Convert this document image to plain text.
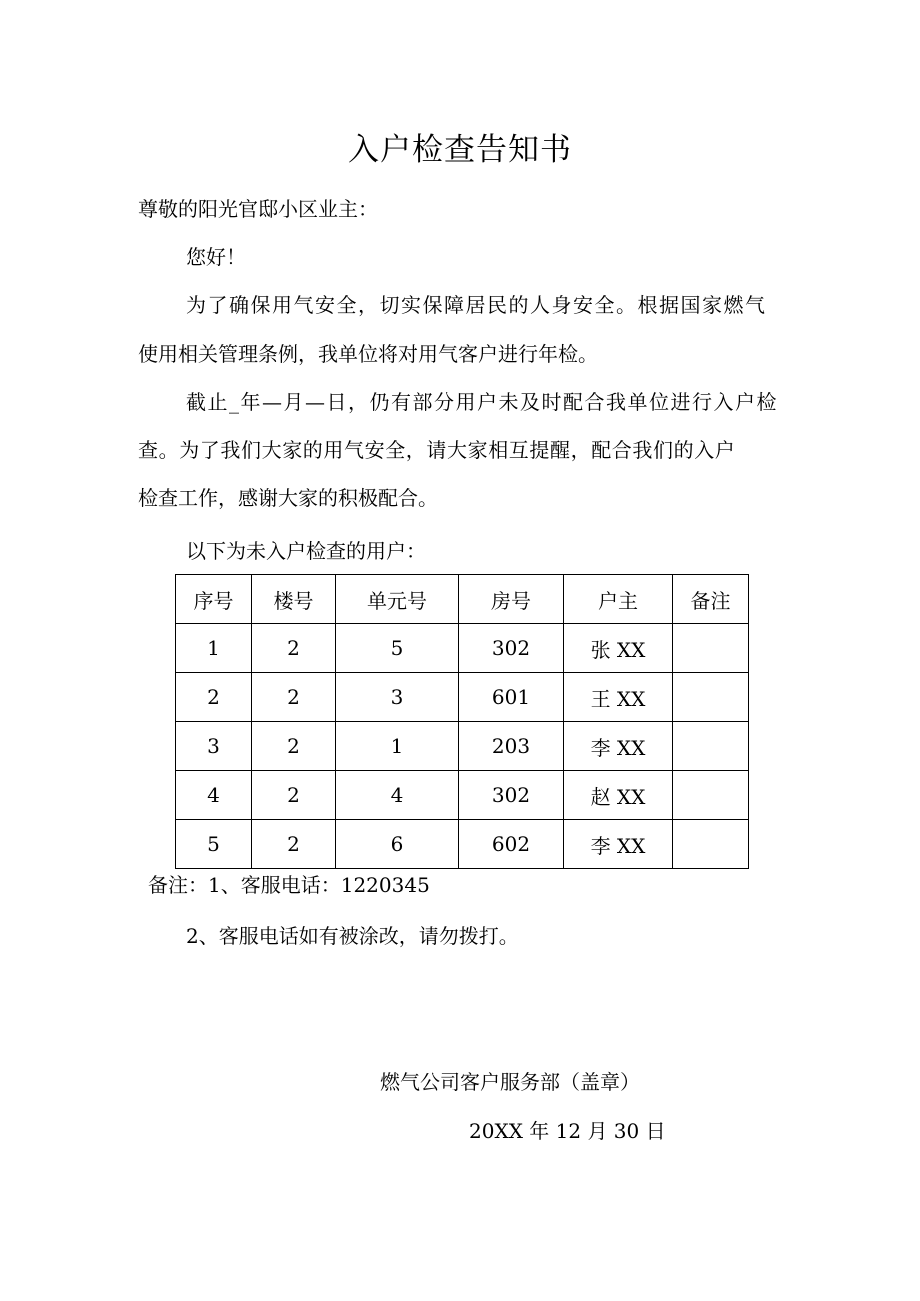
入户检查告知书
尊敬的阳光官邸小区业主：
您好！
为了确保用气安全，切实保障居民的人身安全。根据国家燃气
使用相关管理条例，我单位将对用气客户进行年检。
截止_年—月—日，仍有部分用户未及时配合我单位进行入户检
查。为了我们大家的用气安全，请大家相互提醒，配合我们的入户
检查工作，感谢大家的积极配合。
以下为未入户检查的用户：
序号	楼号	单元号	房号	户主	备注
1	2	5	302	张 XX	
2	2	3	601	王 XX	
3	2	1	203	李 XX	
4	2	4	302	赵 XX	
5	2	6	602	李 XX	
备注：1、客服电话：1220345
2、客服电话如有被涂改，请勿拨打。
燃气公司客户服务部（盖章）
20XX 年 12 月 30 日
